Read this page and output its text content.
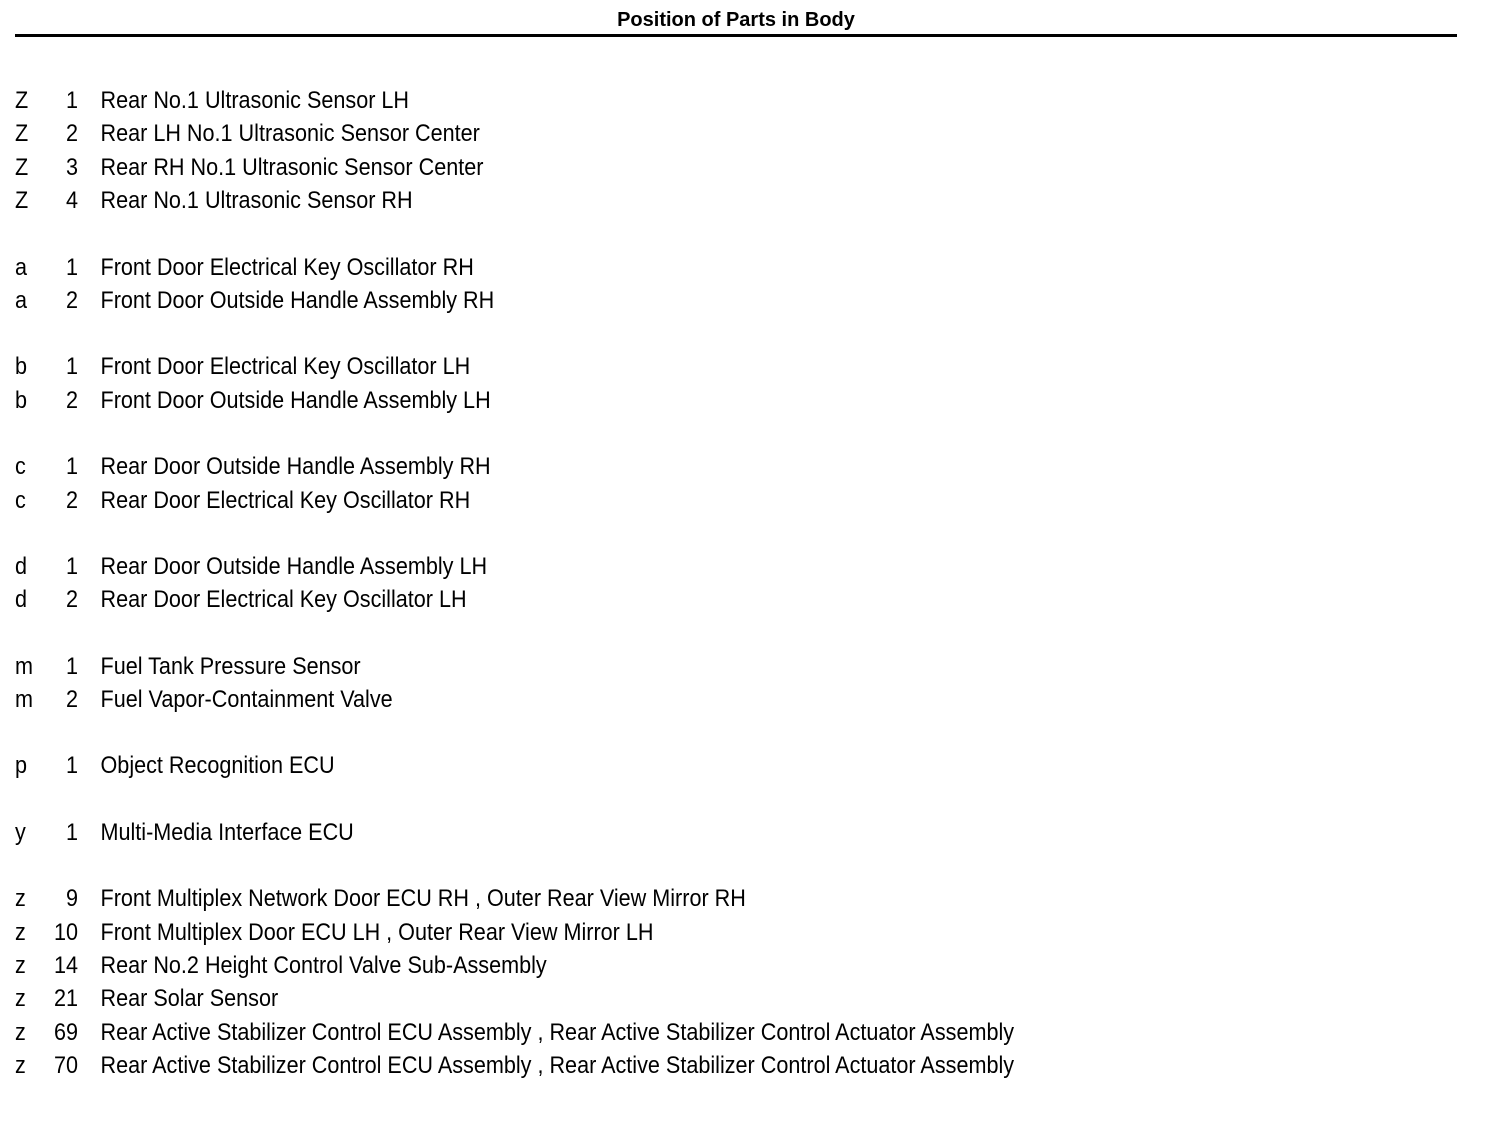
Position of Parts in Body
Z	1 Rear No.1 Ultrasonic Sensor LH
Z	2 Rear LH No.1 Ultrasonic Sensor Center
Z	3 Rear RH No.1 Ultrasonic Sensor Center
Z	4 Rear No.1 Ultrasonic Sensor RH
a	1 Front Door Electrical Key Oscillator RH
a	2 Front Door Outside Handle Assembly RH
b	1 Front Door Electrical Key Oscillator LH
b	2 Front Door Outside Handle Assembly LH
c	1 Rear Door Outside Handle Assembly RH
c	2 Rear Door Electrical Key Oscillator RH
d	1 Rear Door Outside Handle Assembly LH
d	2 Rear Door Electrical Key Oscillator LH
m	1 Fuel Tank Pressure Sensor
m	2 Fuel Vapor-Containment Valve
p	1 Object Recognition ECU
y	1 Multi-Media Interface ECU
z	9 Front Multiplex Network Door ECU RH , Outer Rear View Mirror RH
z	10 Front Multiplex Door ECU LH , Outer Rear View Mirror LH
z	14 Rear No.2 Height Control Valve Sub-Assembly
z	21 Rear Solar Sensor
z	69 Rear Active Stabilizer Control ECU Assembly , Rear Active Stabilizer Control Actuator Assembly
z	70 Rear Active Stabilizer Control ECU Assembly , Rear Active Stabilizer Control Actuator Assembly
